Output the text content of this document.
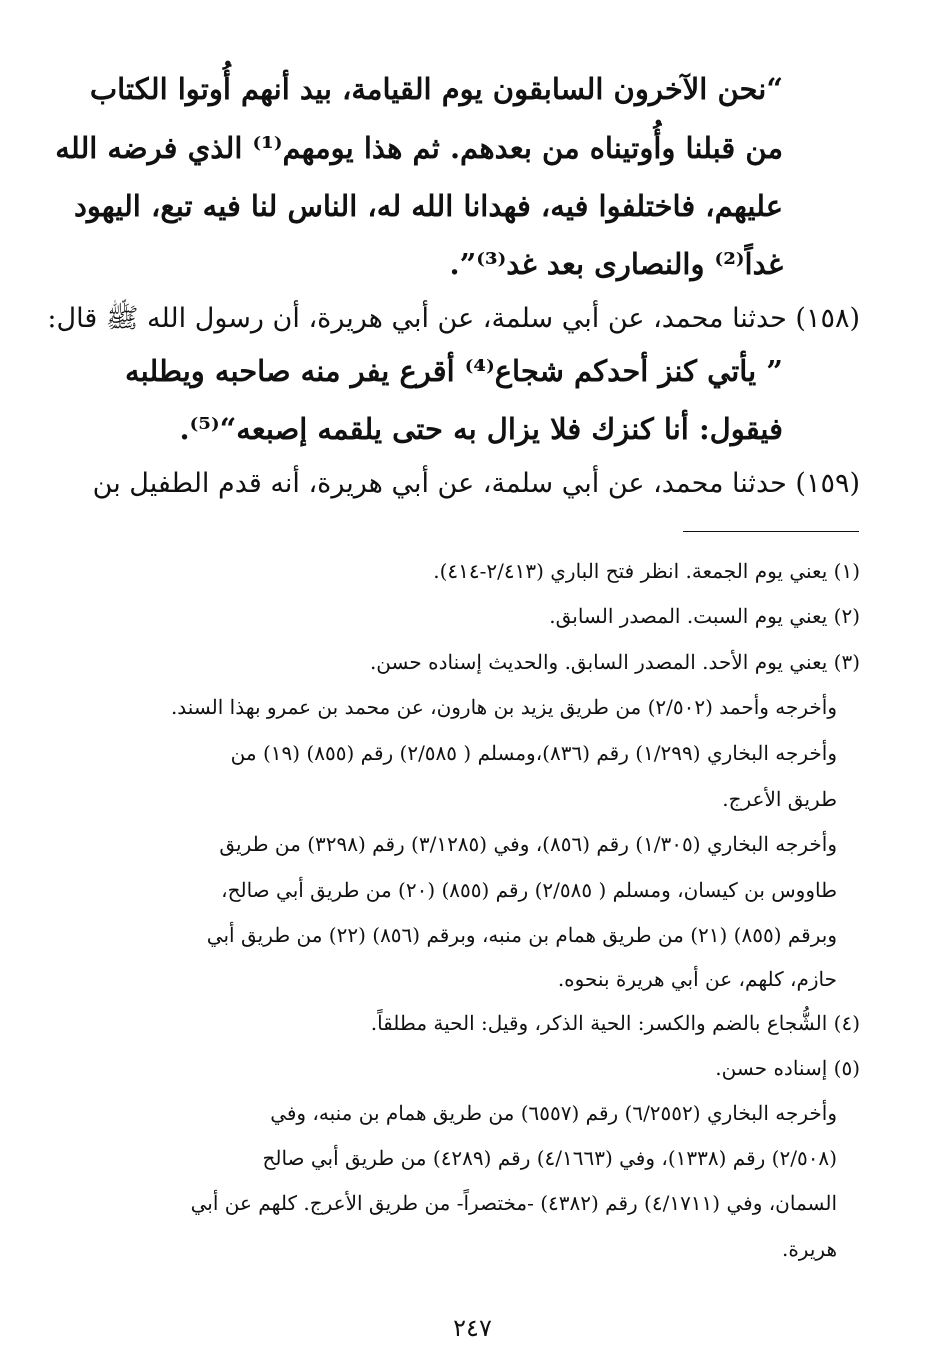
“نحن الآخرون السابقون يوم القيامة، بيد أنهم أُوتوا الكتاب
من قبلنا وأُوتيناه من بعدهم. ثم هذا يومهم⁽¹⁾ الذي فرضه الله
عليهم، فاختلفوا فيه، فهدانا الله له، الناس لنا فيه تبع، اليهود
غداً⁽²⁾ والنصارى بعد غد⁽³⁾”.
(١٥٨) حدثنا محمد، عن أبي سلمة، عن أبي هريرة، أن رسول الله ﷺ قال:
” يأتي كنز أحدكم شجاع⁽⁴⁾ أقرع يفر منه صاحبه ويطلبه
فيقول: أنا كنزك فلا يزال به حتى يلقمه إصبعه“⁽⁵⁾.
(١٥٩) حدثنا محمد، عن أبي سلمة، عن أبي هريرة، أنه قدم الطفيل بن
(١) يعني يوم الجمعة. انظر فتح الباري (٢/٤١٣-٤١٤).
(٢) يعني يوم السبت. المصدر السابق.
(٣) يعني يوم الأحد. المصدر السابق. والحديث إسناده حسن.
وأخرجه وأحمد (٢/٥٠٢) من طريق يزيد بن هارون، عن محمد بن عمرو بهذا السند.
وأخرجه البخاري (١/٢٩٩) رقم (٨٣٦)،ومسلم ( ٢/٥٨٥) رقم (٨٥٥) (١٩) من
طريق الأعرج.
وأخرجه البخاري (١/٣٠٥) رقم (٨٥٦)، وفي (٣/١٢٨٥) رقم (٣٢٩٨) من طريق
طاووس بن كيسان، ومسلم ( ٢/٥٨٥) رقم (٨٥٥) (٢٠) من طريق أبي صالح،
وبرقم (٨٥٥) (٢١) من طريق همام بن منبه، وبرقم (٨٥٦) (٢٢) من طريق أبي
حازم، كلهم، عن أبي هريرة بنحوه.
(٤) الشُّجاع بالضم والكسر: الحية الذكر، وقيل: الحية مطلقاً.
(٥) إسناده حسن.
وأخرجه البخاري (٦/٢٥٥٢) رقم (٦٥٥٧) من طريق همام بن منبه، وفي
(٢/٥٠٨) رقم (١٣٣٨)، وفي (٤/١٦٦٣) رقم (٤٢٨٩) من طريق أبي صالح
السمان، وفي (٤/١٧١١) رقم (٤٣٨٢) -مختصراً- من طريق الأعرج. كلهم عن أبي
هريرة.
٢٤٧
